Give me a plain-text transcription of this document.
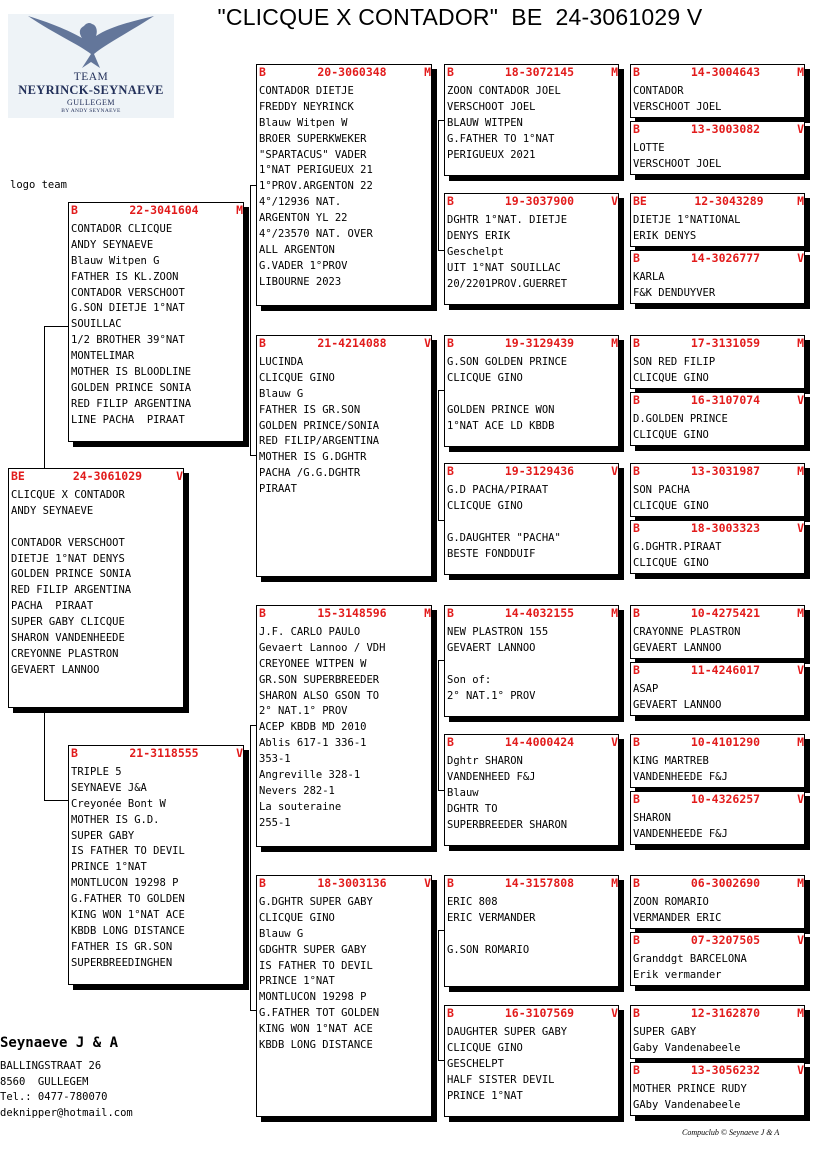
"CLICQUE X CONTADOR"  BE  24-3061029 V
TEAM
NEYRINCK-SEYNAEVE
GULLEGEM
BY ANDY SEYNAEVE
logo team
BE	24-3061029	V
CLICQUE X CONTADOR
ANDY SEYNAEVE
CONTADOR VERSCHOOT
DIETJE 1°NAT DENYS
GOLDEN PRINCE SONIA
RED FILIP ARGENTINA
PACHA  PIRAAT
SUPER GABY CLICQUE
SHARON VANDENHEEDE
CREYONNE PLASTRON
GEVAERT LANNOO
B	22-3041604	M
CONTADOR CLICQUE
ANDY SEYNAEVE
Blauw Witpen G
FATHER IS KL.ZOON
CONTADOR VERSCHOOT
G.SON DIETJE 1°NAT
SOUILLAC
1/2 BROTHER 39°NAT
MONTELIMAR
MOTHER IS BLOODLINE
GOLDEN PRINCE SONIA
RED FILIP ARGENTINA
LINE PACHA  PIRAAT
B	21-3118555	V
TRIPLE 5
SEYNAEVE J&A
Creyonée Bont W
MOTHER IS G.D.
SUPER GABY
IS FATHER TO DEVIL
PRINCE 1°NAT
MONTLUCON 19298 P
G.FATHER TO GOLDEN
KING WON 1°NAT ACE
KBDB LONG DISTANCE
FATHER IS GR.SON
SUPERBREEDINGHEN
B	20-3060348	M
CONTADOR DIETJE
FREDDY NEYRINCK
Blauw Witpen W
BROER SUPERKWEKER
"SPARTACUS" VADER
1°NAT PERIGUEUX 21
1°PROV.ARGENTON 22
4°/12936 NAT.
ARGENTON YL 22
4°/23570 NAT. OVER
ALL ARGENTON
G.VADER 1°PROV
LIBOURNE 2023
B	21-4214088	V
LUCINDA
CLICQUE GINO
Blauw G
FATHER IS GR.SON
GOLDEN PRINCE/SONIA
RED FILIP/ARGENTINA
MOTHER IS G.DGHTR
PACHA /G.G.DGHTR
PIRAAT
B	15-3148596	M
J.F. CARLO PAULO
Gevaert Lannoo / VDH
CREYONEE WITPEN W
GR.SON SUPERBREEDER
SHARON ALSO GSON TO
2° NAT.1° PROV
ACEP KBDB MD 2010
Ablis 617-1 336-1
353-1
Angreville 328-1
Nevers 282-1
La souteraine
255-1
B	18-3003136	V
G.DGHTR SUPER GABY
CLICQUE GINO
Blauw G
GDGHTR SUPER GABY
IS FATHER TO DEVIL
PRINCE 1°NAT
MONTLUCON 19298 P
G.FATHER TOT GOLDEN
KING WON 1°NAT ACE
KBDB LONG DISTANCE
B	18-3072145	M
ZOON CONTADOR JOEL
VERSCHOOT JOEL
BLAUW WITPEN
G.FATHER TO 1°NAT
PERIGUEUX 2021
B	19-3037900	V
DGHTR 1°NAT. DIETJE
DENYS ERIK
Geschelpt
UIT 1°NAT SOUILLAC
20/2201PROV.GUERRET
B	19-3129439	M
G.SON GOLDEN PRINCE
CLICQUE GINO
GOLDEN PRINCE WON
1°NAT ACE LD KBDB
B	19-3129436	V
G.D PACHA/PIRAAT
CLICQUE GINO
G.DAUGHTER "PACHA"
BESTE FONDDUIF
B	14-4032155	M
NEW PLASTRON 155
GEVAERT LANNOO
Son of:
2° NAT.1° PROV
B	14-4000424	V
Dghtr SHARON
VANDENHEED F&J
Blauw
DGHTR TO
SUPERBREEDER SHARON
B	14-3157808	M
ERIC 808
ERIC VERMANDER
G.SON ROMARIO
B	16-3107569	V
DAUGHTER SUPER GABY
CLICQUE GINO
GESCHELPT
HALF SISTER DEVIL
PRINCE 1°NAT
B	14-3004643	M
CONTADOR
VERSCHOOT JOEL
B	13-3003082	V
LOTTE
VERSCHOOT JOEL
BE	12-3043289	M
DIETJE 1°NATIONAL
ERIK DENYS
B	14-3026777	V
KARLA
F&K DENDUYVER
B	17-3131059	M
SON RED FILIP
CLICQUE GINO
B	16-3107074	V
D.GOLDEN PRINCE
CLICQUE GINO
B	13-3031987	M
SON PACHA
CLICQUE GINO
B	18-3003323	V
G.DGHTR.PIRAAT
CLICQUE GINO
B	10-4275421	M
CRAYONNE PLASTRON
GEVAERT LANNOO
B	11-4246017	V
ASAP
GEVAERT LANNOO
B	10-4101290	M
KING MARTREB
VANDENHEEDE F&J
B	10-4326257	V
SHARON
VANDENHEEDE F&J
B	06-3002690	M
ZOON ROMARIO
VERMANDER ERIC
B	07-3207505	V
Granddgt BARCELONA
Erik vermander
B	12-3162870	M
SUPER GABY
Gaby Vandenabeele
B	13-3056232	V
MOTHER PRINCE RUDY
GAby Vandenabeele
Seynaeve J & A
BALLINGSTRAAT 26
8560  GULLEGEM
Tel.: 0477-780070
deknipper@hotmail.com
Compuclub © Seynaeve J & A
